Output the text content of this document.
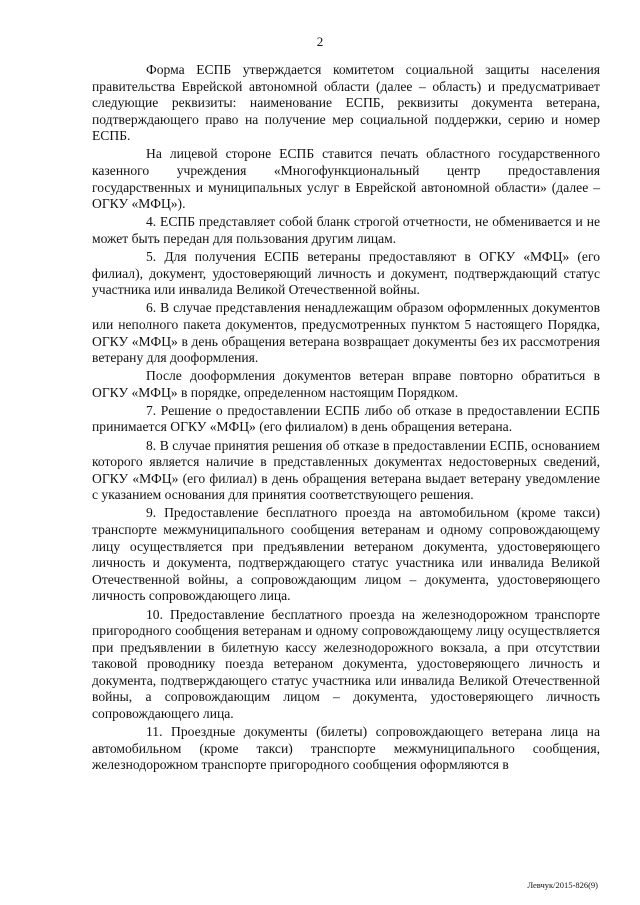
2

Форма ЕСПБ утверждается комитетом социальной защиты населения правительства Еврейской автономной области (далее – область) и предусматривает следующие реквизиты: наименование ЕСПБ, реквизиты документа ветерана, подтверждающего право на получение мер социальной поддержки, серию и номер ЕСПБ.

На лицевой стороне ЕСПБ ставится печать областного государственного казенного учреждения «Многофункциональный центр предоставления государственных и муниципальных услуг в Еврейской автономной области» (далее – ОГКУ «МФЦ»).

4. ЕСПБ представляет собой бланк строгой отчетности, не обменивается и не может быть передан для пользования другим лицам.

5. Для получения ЕСПБ ветераны предоставляют в ОГКУ «МФЦ» (его филиал), документ, удостоверяющий личность и документ, подтверждающий статус участника или инвалида Великой Отечественной войны.

6. В случае представления ненадлежащим образом оформленных документов или неполного пакета документов, предусмотренных пунктом 5 настоящего Порядка, ОГКУ «МФЦ» в день обращения ветерана возвращает документы без их рассмотрения ветерану для дооформления.

После дооформления документов ветеран вправе повторно обратиться в ОГКУ «МФЦ» в порядке, определенном настоящим Порядком.

7. Решение о предоставлении ЕСПБ либо об отказе в предоставлении ЕСПБ принимается ОГКУ «МФЦ» (его филиалом) в день обращения ветерана.

8. В случае принятия решения об отказе в предоставлении ЕСПБ, основанием которого является наличие в представленных документах недостоверных сведений, ОГКУ «МФЦ» (его филиал) в день обращения ветерана выдает ветерану уведомление с указанием основания для принятия соответствующего решения.

9. Предоставление бесплатного проезда на автомобильном (кроме такси) транспорте межмуниципального сообщения ветеранам и одному сопровождающему лицу осуществляется при предъявлении ветераном документа, удостоверяющего личность и документа, подтверждающего статус участника или инвалида Великой Отечественной войны, а сопровождающим лицом – документа, удостоверяющего личность сопровождающего лица.

10. Предоставление бесплатного проезда на железнодорожном транспорте пригородного сообщения ветеранам и одному сопровождающему лицу осуществляется при предъявлении в билетную кассу железнодорожного вокзала, а при отсутствии таковой проводнику поезда ветераном документа, удостоверяющего личность и документа, подтверждающего статус участника или инвалида Великой Отечественной войны, а сопровождающим лицом – документа, удостоверяющего личность сопровождающего лица.

11. Проездные документы (билеты) сопровождающего ветерана лица на автомобильном (кроме такси) транспорте межмуниципального сообщения, железнодорожном транспорте пригородного сообщения оформляются в

Левчук/2015-826(9)
